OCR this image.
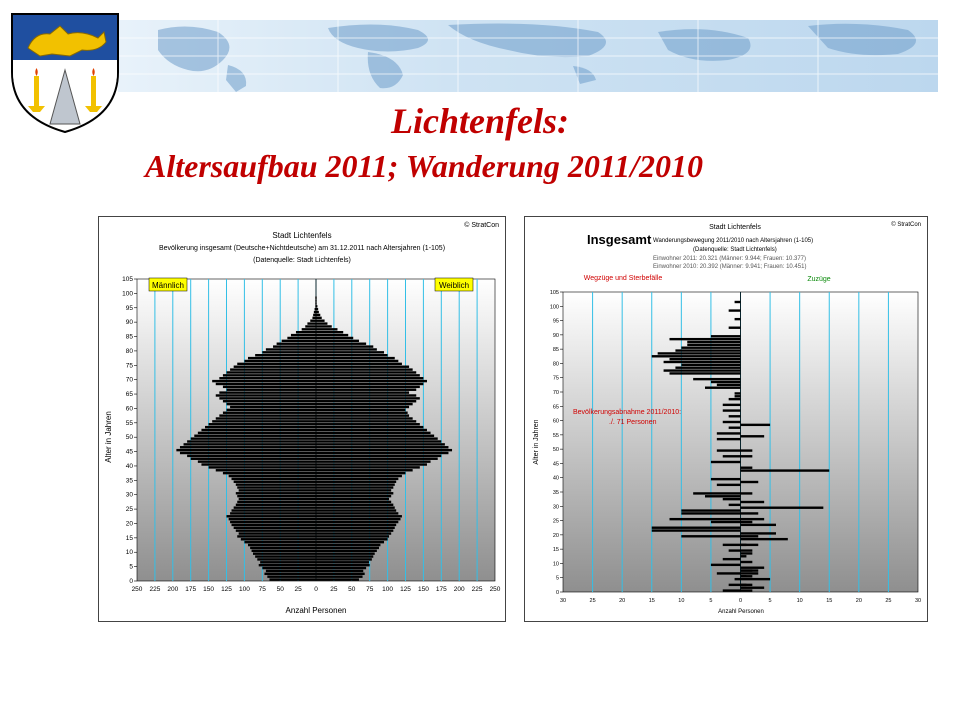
Lichtenfels:
Altersaufbau 2011; Wanderung 2011/2010
© StratCon
Stadt Lichtenfels
Bevölkerung insgesamt (Deutsche+Nichtdeutsche) am 31.12.2011 nach Altersjahren (1-105)
(Datenquelle: Stadt Lichtenfels)
250 225 200 175 150 125 100 75 50 25 0 25 50 75 100 125 150 175 200 225 250
0
5
10
15
20
25
30
35
40
45
50
55
60
65
70
75
80
85
90
95
100
105
Männlich	Weiblich
Anzahl Personen
Alter in Jahren
© StratCon
Stadt Lichtenfels
Insgesamt Wanderungsbewegung 2011/2010 nach Altersjahren (1-105)
(Datenquelle: Stadt Lichtenfels)
Einwohner 2011: 20.321 (Männer: 9.944; Frauen: 10.377)
Einwohner 2010: 20.392 (Männer: 9.941; Frauen: 10.451)
30	25	20	15	10	5	0	5	10	15	20	25	30
0
5
10
15
20
25
30
35
40
45
50
55
60
65
70
75
80
85
90
95
100
105
Wegzüge und Sterbefälle	Zuzüge
Bevölkerungsabnahme 2011/2010:
./. 71 Personen
Anzahl Personen
Alter in Jahren
